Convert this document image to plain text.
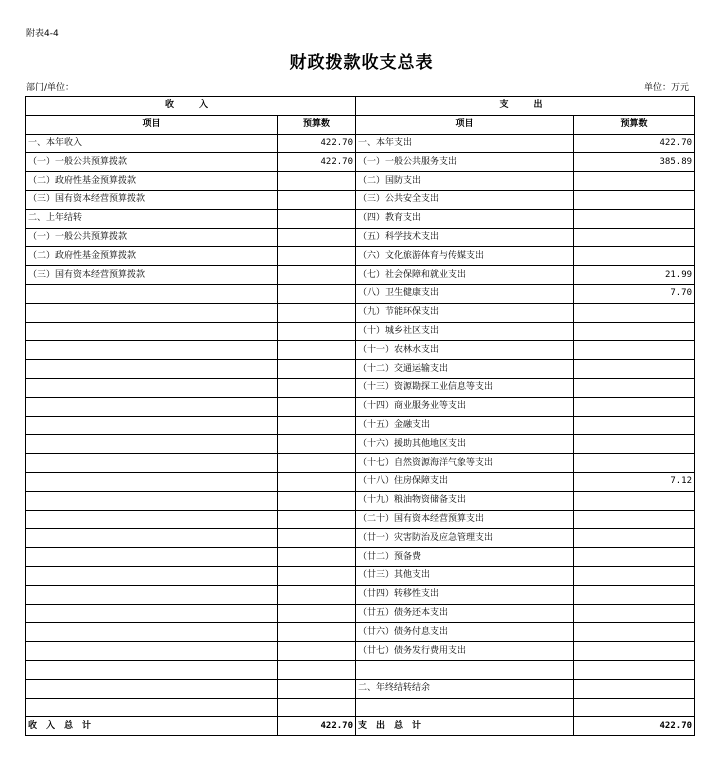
附表4-4
财政拨款收支总表
部门/单位：	单位：万元
收　入		支　出	
项目	预算数	项目	预算数
一、本年收入	422.70	一、本年支出	422.70
（一）一般公共预算拨款	422.70	（一）一般公共服务支出	385.89
（二）政府性基金预算拨款		（二）国防支出	
（三）国有资本经营预算拨款		（三）公共安全支出	
二、上年结转		（四）教育支出	
（一）一般公共预算拨款		（五）科学技术支出	
（二）政府性基金预算拨款		（六）文化旅游体育与传媒支出	
（三）国有资本经营预算拨款		（七）社会保障和就业支出	21.99
		（八）卫生健康支出	7.70
		（九）节能环保支出	
		（十）城乡社区支出	
		（十一）农林水支出	
		（十二）交通运输支出	
		（十三）资源勘探工业信息等支出	
		（十四）商业服务业等支出	
		（十五）金融支出	
		（十六）援助其他地区支出	
		（十七）自然资源海洋气象等支出	
		（十八）住房保障支出	7.12
		（十九）粮油物资储备支出	
		（二十）国有资本经营预算支出	
		（廿一）灾害防治及应急管理支出	
		（廿二）预备费	
		（廿三）其他支出	
		（廿四）转移性支出	
		（廿五）债务还本支出	
		（廿六）债务付息支出	
		（廿七）债务发行费用支出	

		二、年终结转结余	

收入总计	422.70	支出总计	422.70
